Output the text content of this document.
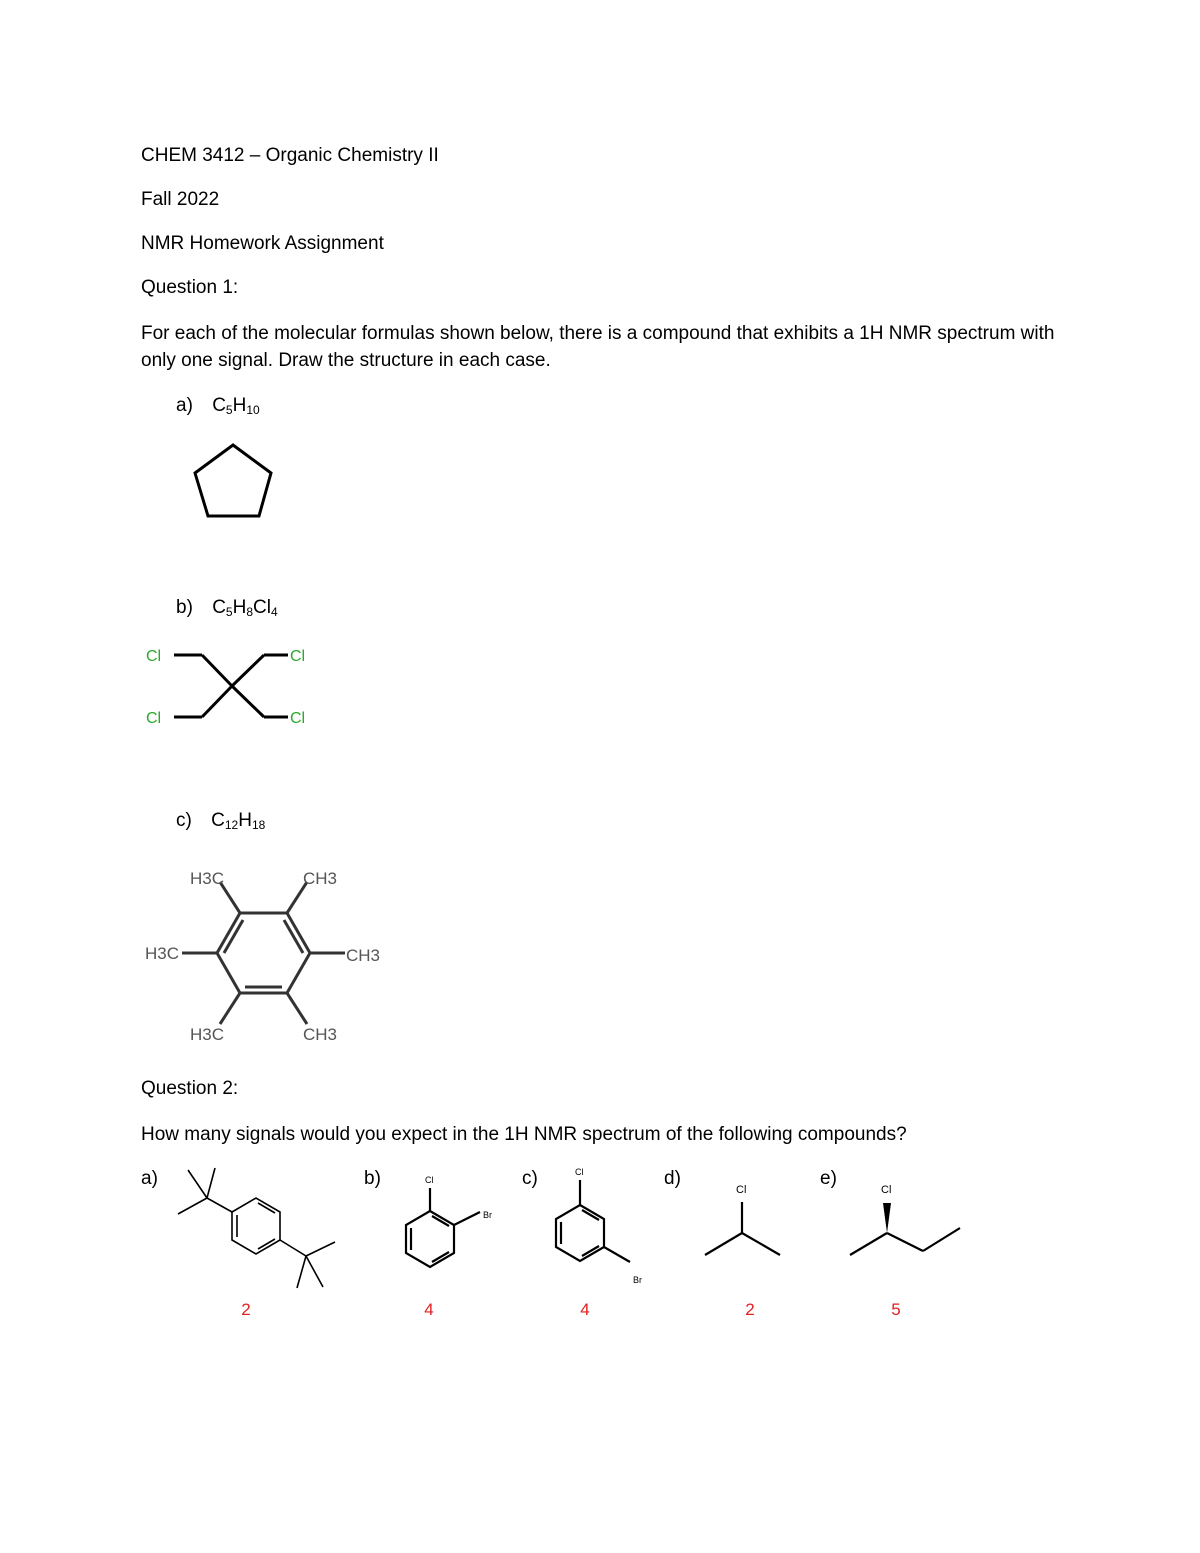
CHEM 3412 – Organic Chemistry II
Fall 2022
NMR Homework Assignment
Question 1:
For each of the molecular formulas shown below, there is a compound that exhibits a 1H NMR spectrum with only one signal. Draw the structure in each case.
a) $C_5H_{10}$
b) $C_5H_8Cl_4$
Cl	Cl
Cl	Cl
c) $C_{12}H_{18}$
H3C	CH3
H3C	CH3
H3C	CH3
Question 2:
How many signals would you expect in the 1H NMR spectrum of the following compounds?
a)	b)	c)	d)	e)
Cl
Br
Cl
Br
Cl	Cl
2	4	4	2	5
